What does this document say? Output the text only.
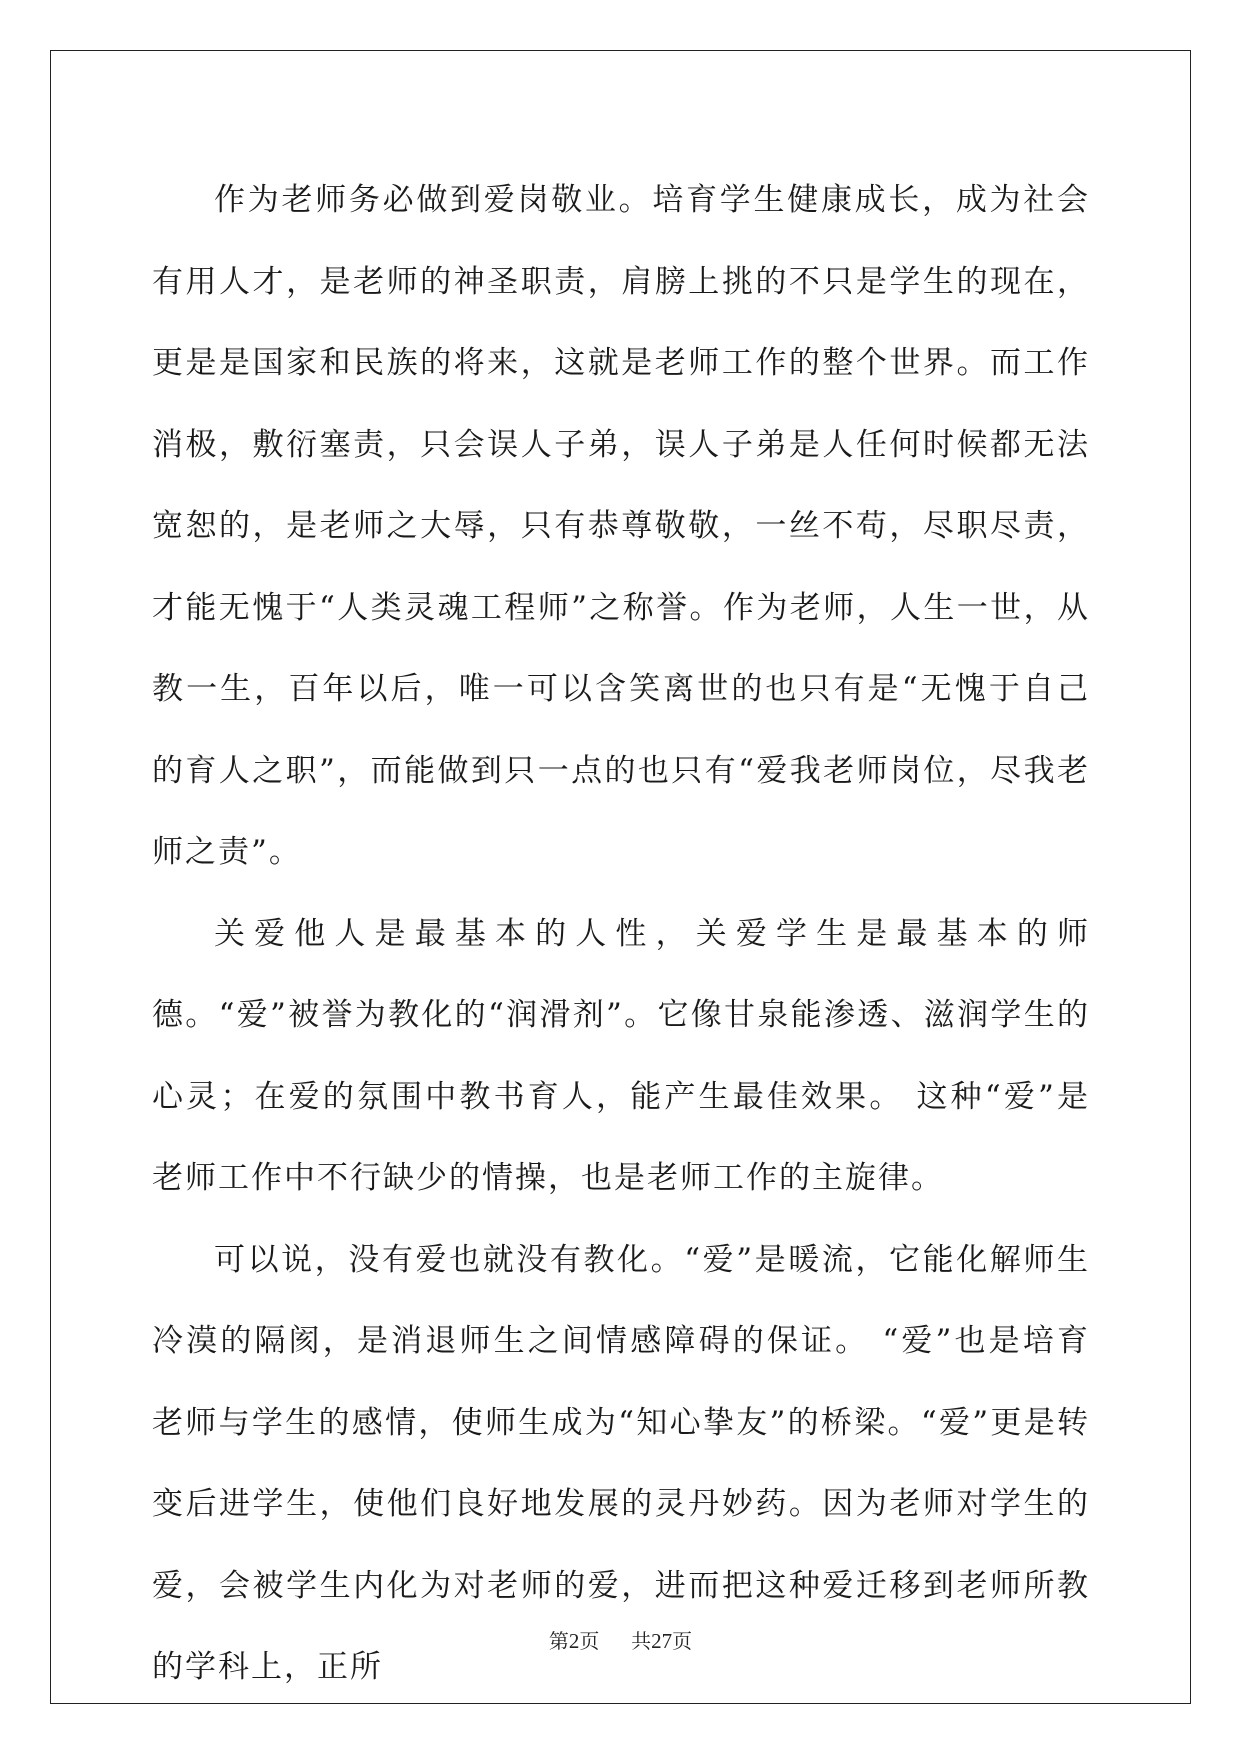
作为老师务必做到爱岗敬业。培育学生健康成长，成为社会有用人才，是老师的神圣职责，肩膀上挑的不只是学生的现在，更是是国家和民族的将来，这就是老师工作的整个世界。而工作消极，敷衍塞责，只会误人子弟，误人子弟是人任何时候都无法宽恕的，是老师之大辱，只有恭尊敬敬，一丝不苟，尽职尽责，才能无愧于“人类灵魂工程师”之称誉。作为老师，人生一世，从教一生，百年以后，唯一可以含笑离世的也只有是“无愧于自己的育人之职”，而能做到只一点的也只有“爱我老师岗位，尽我老师之责”。

关爱他人是最基本的人性，关爱学生是最基本的师德。“爱”被誉为教化的“润滑剂”。它像甘泉能渗透、滋润学生的心灵；在爱的氛围中教书育人，能产生最佳效果。 这种“爱”是老师工作中不行缺少的情操，也是老师工作的主旋律。

可以说，没有爱也就没有教化。“爱”是暖流，它能化解师生冷漠的隔阂，是消退师生之间情感障碍的保证。 “爱”也是培育老师与学生的感情，使师生成为“知心挚友”的桥梁。“爱”更是转变后进学生，使他们良好地发展的灵丹妙药。因为老师对学生的爱，会被学生内化为对老师的爱，进而把这种爱迁移到老师所教的学科上，正所

第2页 共27页
